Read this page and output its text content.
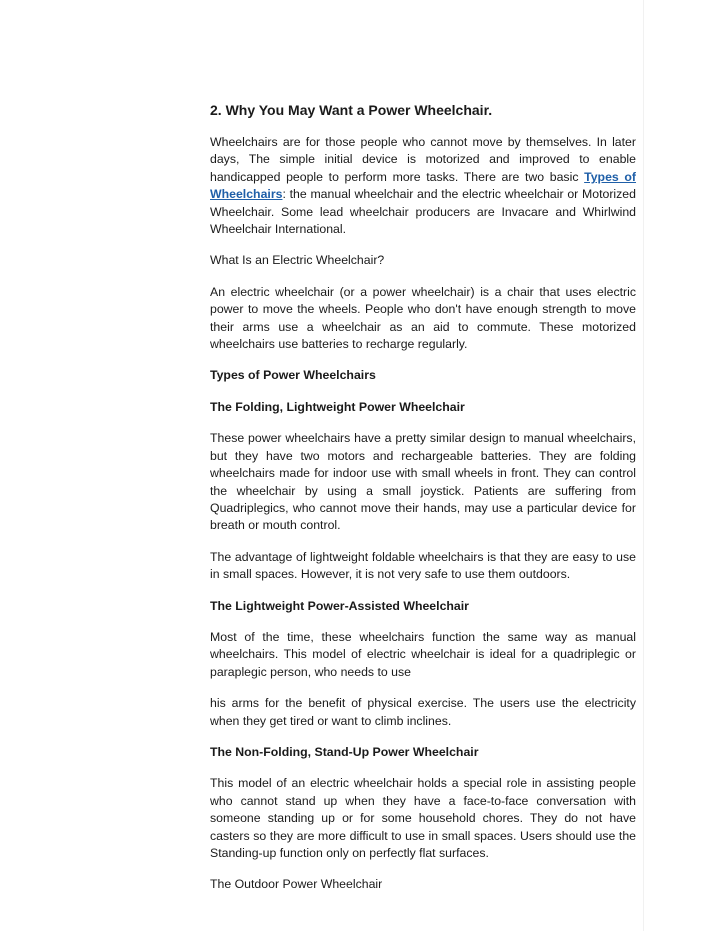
2. Why You May Want a Power Wheelchair.

Wheelchairs are for those people who cannot move by themselves. In later days, The simple initial device is motorized and improved to enable handicapped people to perform more tasks. There are two basic Types of Wheelchairs: the manual wheelchair and the electric wheelchair or Motorized Wheelchair. Some lead wheelchair producers are Invacare and Whirlwind Wheelchair International.

What Is an Electric Wheelchair?

An electric wheelchair (or a power wheelchair) is a chair that uses electric power to move the wheels. People who don't have enough strength to move their arms use a wheelchair as an aid to commute. These motorized wheelchairs use batteries to recharge regularly.

Types of Power Wheelchairs

The Folding, Lightweight Power Wheelchair

These power wheelchairs have a pretty similar design to manual wheelchairs, but they have two motors and rechargeable batteries. They are folding wheelchairs made for indoor use with small wheels in front. They can control the wheelchair by using a small joystick. Patients are suffering from Quadriplegics, who cannot move their hands, may use a particular device for breath or mouth control.

The advantage of lightweight foldable wheelchairs is that they are easy to use in small spaces. However, it is not very safe to use them outdoors.

The Lightweight Power-Assisted Wheelchair

Most of the time, these wheelchairs function the same way as manual wheelchairs. This model of electric wheelchair is ideal for a quadriplegic or paraplegic person, who needs to use

his arms for the benefit of physical exercise. The users use the electricity when they get tired or want to climb inclines.

The Non-Folding, Stand-Up Power Wheelchair

This model of an electric wheelchair holds a special role in assisting people who cannot stand up when they have a face-to-face conversation with someone standing up or for some household chores. They do not have casters so they are more difficult to use in small spaces. Users should use the Standing-up function only on perfectly flat surfaces.

The Outdoor Power Wheelchair
